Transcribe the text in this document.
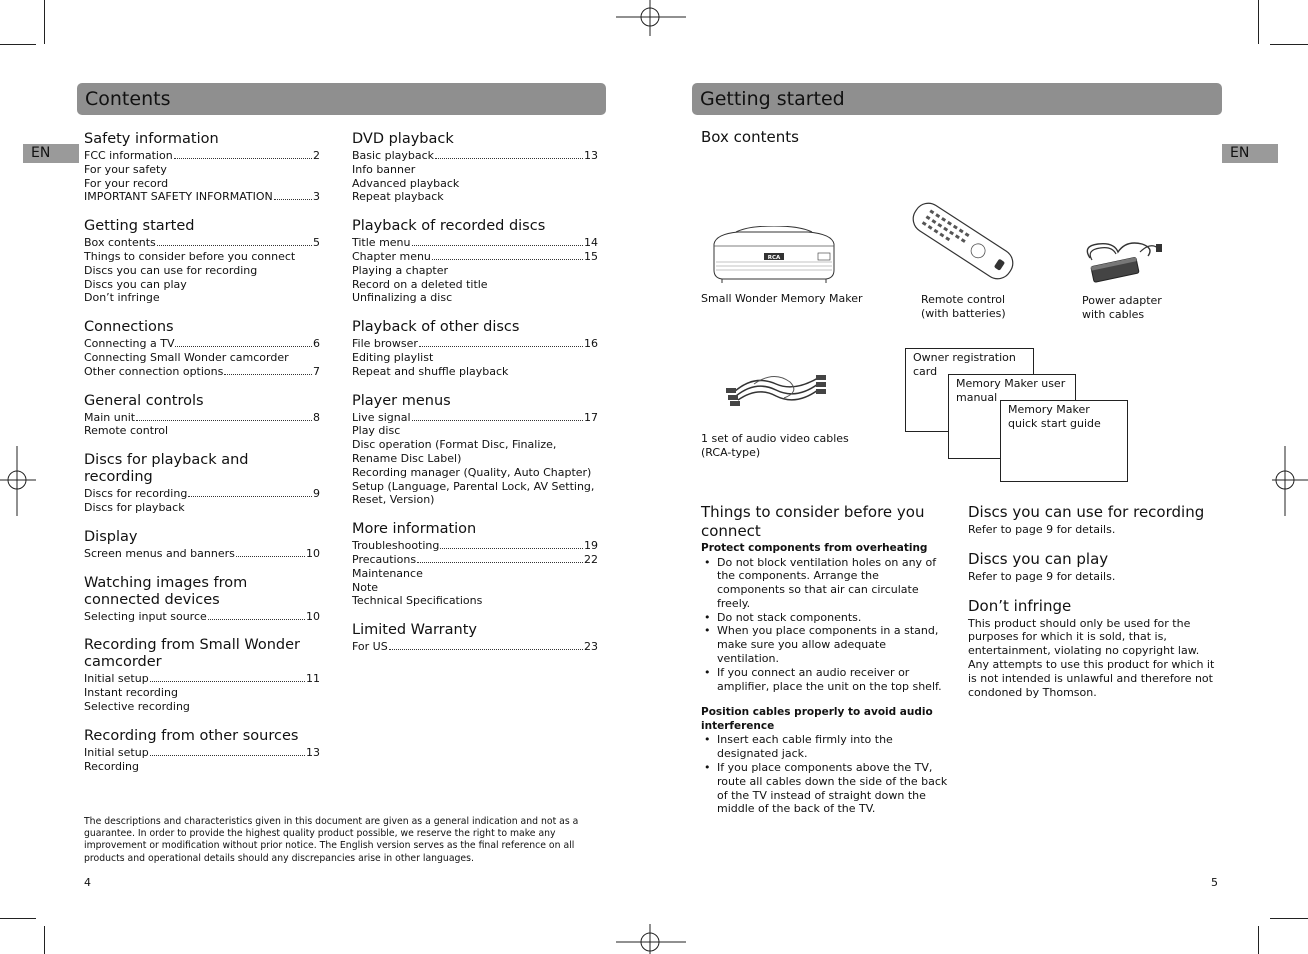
Contents
EN
Safety information
FCC information	2
For your safety
For your record
IMPORTANT SAFETY INFORMATION	3
Getting started
Box contents	5
Things to consider before you connect
Discs you can use for recording
Discs you can play
Don’t infringe
Connections
Connecting a TV	6
Connecting Small Wonder camcorder
Other connection options	7
General controls
Main unit	8
Remote control
Discs for playback and recording
Discs for recording	9
Discs for playback
Display
Screen menus and banners	10
Watching images from connected devices
Selecting input source	10
Recording from Small Wonder camcorder
Initial setup	11
Instant recording
Selective recording
Recording from other sources
Initial setup	13
Recording
DVD playback
Basic playback	13
Info banner
Advanced playback
Repeat playback
Playback of recorded discs
Title menu	14
Chapter menu	15
Playing a chapter
Record on a deleted title
Unfinalizing a disc
Playback of other discs
File browser	16
Editing playlist
Repeat and shuffle playback
Player menus
Live signal	17
Play disc
Disc operation (Format Disc, Finalize, Rename Disc Label)
Recording manager (Quality, Auto Chapter)
Setup (Language, Parental Lock, AV Setting, Reset, Version)
More information
Troubleshooting	19
Precautions	22
Maintenance
Note
Technical Specifications
Limited Warranty
For US	23
The descriptions and characteristics given in this document are given as a general indication and not as a guarantee. In order to provide the highest quality product possible, we reserve the right to make any improvement or modification without prior notice. The English version serves as the final reference on all products and operational details should any discrepancies arise in other languages.
4
Getting started
EN
Box contents
RCA
Small Wonder Memory Maker	Remote control
(with batteries)
Power adapter
with cables
1 set of audio video cables
(RCA-type)
Owner registration
card
Memory Maker user
manual
Memory Maker
quick start guide
Things to consider before you connect
Protect components from overheating
• Do not block ventilation holes on any of the components. Arrange the components so that air can circulate freely.
• Do not stack components.
• When you place components in a stand, make sure you allow adequate ventilation.
• If you connect an audio receiver or amplifier, place the unit on the top shelf.
Position cables properly to avoid audio interference
• Insert each cable firmly into the designated jack.
• If you place components above the TV, route all cables down the side of the back of the TV instead of straight down the middle of the back of the TV.
Discs you can use for recording
Refer to page 9 for details.
Discs you can play
Refer to page 9 for details.
Don’t infringe
This product should only be used for the purposes for which it is sold, that is, entertainment, violating no copyright law. Any attempts to use this product for which it is not intended is unlawful and therefore not condoned by Thomson.
5
